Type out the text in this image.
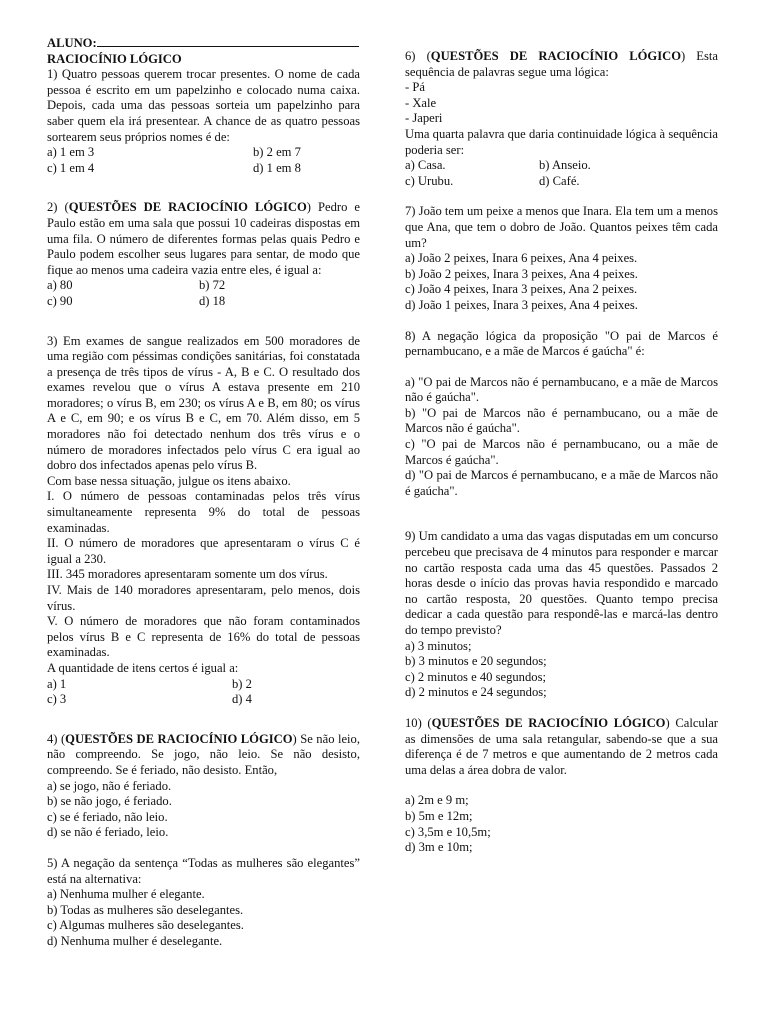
ALUNO:

RACIOCÍNIO LÓGICO

1) Quatro pessoas querem trocar presentes. O nome de cada pessoa é escrito em um papelzinho e colocado numa caixa. Depois, cada uma das pessoas sorteia um papelzinho para saber quem ela irá presentear. A chance de as quatro pessoas sortearem seus próprios nomes é de:

a) 1 em 3	b) 2 em 7
c) 1 em 4	d) 1 em 8

2) (QUESTÕES DE RACIOCÍNIO LÓGICO) Pedro e Paulo estão em uma sala que possui 10 cadeiras dispostas em uma fila. O número de diferentes formas pelas quais Pedro e Paulo podem escolher seus lugares para sentar, de modo que fique ao menos uma cadeira vazia entre eles, é igual a:

a) 80	b) 72
c) 90	d) 18

3) Em exames de sangue realizados em 500 moradores de uma região com péssimas condições sanitárias, foi constatada a presença de três tipos de vírus - A, B e C. O resultado dos exames revelou que o vírus A estava presente em 210 moradores; o vírus B, em 230; os vírus A e B, em 80; os vírus A e C, em 90; e os vírus B e C, em 70. Além disso, em 5 moradores não foi detectado nenhum dos três vírus e o número de moradores infectados pelo vírus C era igual ao dobro dos infectados apenas pelo vírus B.

Com base nessa situação, julgue os itens abaixo.

I. O número de pessoas contaminadas pelos três vírus simultaneamente representa 9% do total de pessoas examinadas.

II. O número de moradores que apresentaram o vírus C é igual a 230.

III. 345 moradores apresentaram somente um dos vírus.

IV. Mais de 140 moradores apresentaram, pelo menos, dois vírus.

V. O número de moradores que não foram contaminados pelos vírus B e C representa de 16% do total de pessoas examinadas.

A quantidade de itens certos é igual a:

a) 1	b) 2
c) 3	d) 4

4) (QUESTÕES DE RACIOCÍNIO LÓGICO) Se não leio, não compreendo. Se jogo, não leio. Se não desisto, compreendo. Se é feriado, não desisto. Então,

a) se jogo, não é feriado.

b) se não jogo, é feriado.

c) se é feriado, não leio.

d) se não é feriado, leio.

5) A negação da sentença “Todas as mulheres são elegantes” está na alternativa:

a) Nenhuma mulher é elegante.

b) Todas as mulheres são deselegantes.

c) Algumas mulheres são deselegantes.

d) Nenhuma mulher é deselegante.

6) (QUESTÕES DE RACIOCÍNIO LÓGICO) Esta sequência de palavras segue uma lógica:

- Pá

- Xale

- Japeri

Uma quarta palavra que daria continuidade lógica à sequência poderia ser:

a) Casa.	b) Anseio.
c) Urubu.	d) Café.

7) João tem um peixe a menos que Inara. Ela tem um a menos que Ana, que tem o dobro de João. Quantos peixes têm cada um?

a) João 2 peixes, Inara 6 peixes, Ana 4 peixes.

b) João 2 peixes, Inara 3 peixes, Ana 4 peixes.

c) João 4 peixes, Inara 3 peixes, Ana 2 peixes.

d) João 1 peixes, Inara 3 peixes, Ana 4 peixes.

8) A negação lógica da proposição "O pai de Marcos é pernambucano, e a mãe de Marcos é gaúcha" é:

a) "O pai de Marcos não é pernambucano, e a mãe de Marcos não é gaúcha".

b) "O pai de Marcos não é pernambucano, ou a mãe de Marcos não é gaúcha".

c) "O pai de Marcos não é pernambucano, ou a mãe de Marcos é gaúcha".

d) "O pai de Marcos é pernambucano, e a mãe de Marcos não é gaúcha".

9) Um candidato a uma das vagas disputadas em um concurso percebeu que precisava de 4 minutos para responder e marcar no cartão resposta cada uma das 45 questões. Passados 2 horas desde o início das provas havia respondido e marcado no cartão resposta, 20 questões. Quanto tempo precisa dedicar a cada questão para respondê-las e marcá-las dentro do tempo previsto?

a) 3 minutos;

b) 3 minutos e 20 segundos;

c) 2 minutos e 40 segundos;

d) 2 minutos e 24 segundos;

10) (QUESTÕES DE RACIOCÍNIO LÓGICO) Calcular as dimensões de uma sala retangular, sabendo-se que a sua diferença é de 7 metros e que aumentando de 2 metros cada uma delas a área dobra de valor.

a) 2m e 9 m;

b) 5m e 12m;

c) 3,5m e 10,5m;

d) 3m e 10m;
